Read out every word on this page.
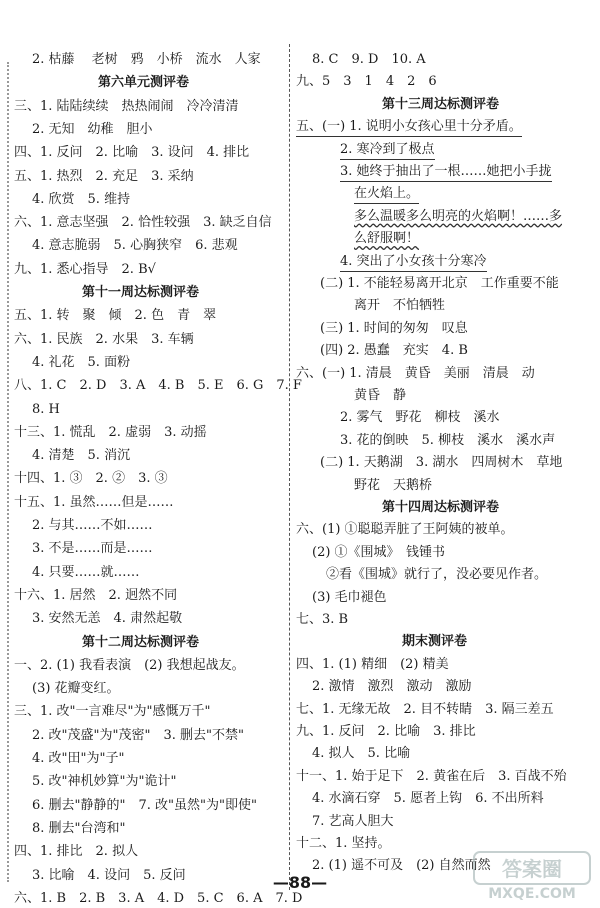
2. 枯藤　 老树　鸦　小桥　流水　人家
第六单元测评卷
三、1. 陆陆续续　热热闹闹　冷冷清清
2. 无知　幼稚　胆小
四、1. 反问　2. 比喻　3. 设问　4. 排比
五、1. 热烈　2. 充足　3. 采纳
4. 欣赏　5. 维持
六、1. 意志坚强　2. 恰性较强　3. 缺乏自信
4. 意志脆弱　5. 心胸狭窄　6. 悲观
九、1. 悉心指导　2. B√
第十一周达标测评卷
五、1. 转　聚　倾　2. 色　青　翠
六、1. 民族　2. 水果　3. 车辆
4. 礼花　5. 面粉
八、1. C　2. D　3. A　4. B　5. E　6. G　7. F
8. H
十三、1. 慌乱　2. 虚弱　3. 动摇
4. 清楚　5. 消沉
十四、1. ③　2. ②　3. ③
十五、1. 虽然……但是……
2. 与其……不如……
3. 不是……而是……
4. 只要……就……
十六、1. 居然　2. 迥然不同
3. 安然无恙　4. 肃然起敬
第十二周达标测评卷
一、2. (1) 我看表演　(2) 我想起战友。
(3) 花瓣变红。
三、1. 改"一言难尽"为"感慨万千"
2. 改"茂盛"为"茂密"　3. 删去"不禁"
4. 改"田"为"子"
5. 改"神机妙算"为"诡计"
6. 删去"静静的"　7. 改"虽然"为"即使"
8. 删去"台湾和"
四、1. 排比　2. 拟人
3. 比喻　4. 设问　5. 反问
六、1. B　2. B　3. A　4. D　5. C　6. A　7. D
8. C　9. D　10. A
九、5　3　1　4　2　6
第十三周达标测评卷
五、(一) 1. 说明小女孩心里十分矛盾。
2. 寒冷到了极点
3. 她终于抽出了一根……她把小手拢
在火焰上。
多么温暖多么明亮的火焰啊！……多
么舒服啊！
4. 突出了小女孩十分寒冷
(二) 1. 不能轻易离开北京　工作重要不能
离开　不怕牺牲
(三) 1. 时间的匆匆　叹息
(四) 2. 愚蠢　充实　4. B
六、(一) 1. 清晨　黄昏　美丽　清晨　动
黄昏　静
2. 雾气　野花　柳枝　溪水
3. 花的倒映　5. 柳枝　溪水　溪水声
(二) 1. 天鹅湖　3. 湖水　四周树木　草地
野花　天鹅桥
第十四周达标测评卷
六、(1) ①聪聪弄脏了王阿姨的被单。
(2) ①《围城》　钱锺书
②看《围城》就行了，没必要见作者。
(3) 毛巾褪色
七、3. B
期末测评卷
四、1. (1) 精细　(2) 精美
2. 激情　激烈　激动　激励
七、1. 无缘无故　2. 目不转睛　3. 隔三差五
九、1. 反问　2. 比喻　3. 排比
4. 拟人　5. 比喻
十一、1. 始于足下　2. 黄雀在后　3. 百战不殆
4. 水滴石穿　5. 愿者上钩　6. 不出所料
7. 艺高人胆大
十二、1. 坚持。
2. (1) 遥不可及　(2) 自然而然
—88—
答案圈
MXQE.COM
